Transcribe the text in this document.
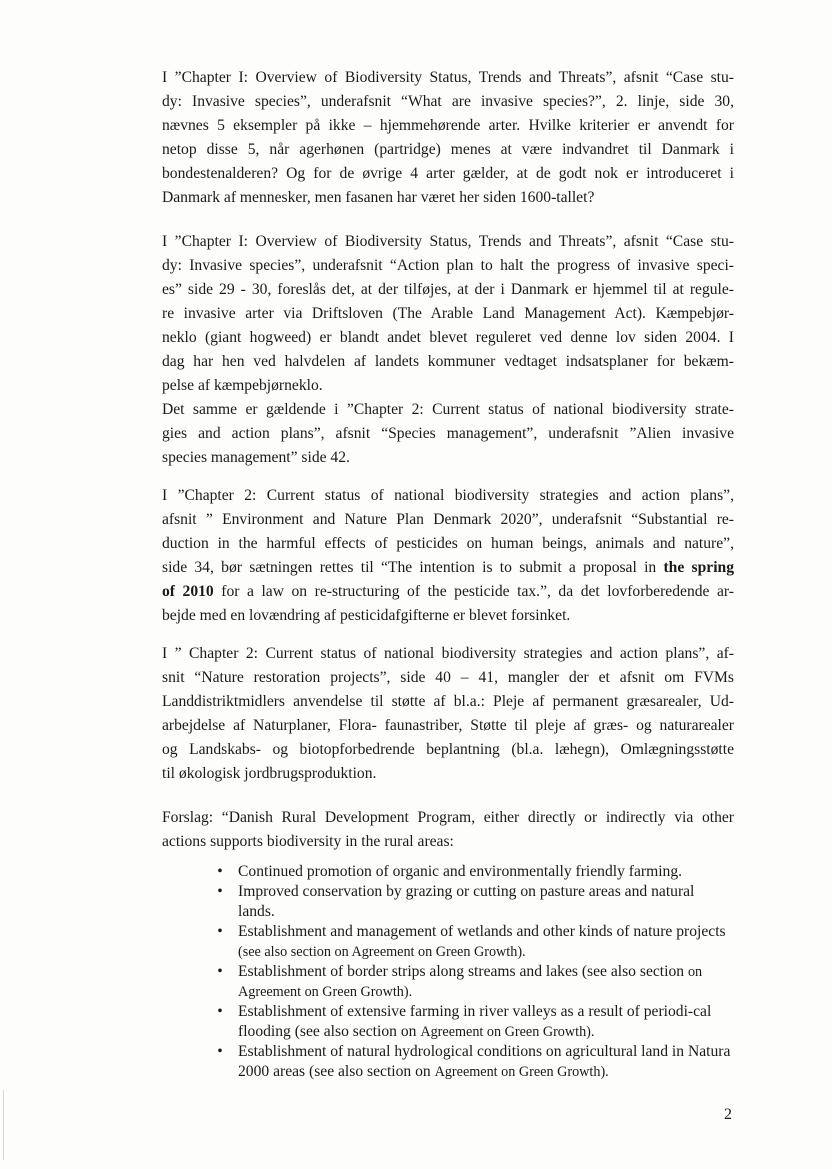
I ”Chapter I: Overview of Biodiversity Status, Trends and Threats”, afsnit “Case stu-
dy: Invasive species”, underafsnit “What are invasive species?”, 2. linje, side 30,
nævnes 5 eksempler på ikke – hjemmehørende arter. Hvilke kriterier er anvendt for
netop disse 5, når agerhønen (partridge) menes at være indvandret til Danmark i
bondestenalderen? Og for de øvrige 4 arter gælder, at de godt nok er introduceret i
Danmark af mennesker, men fasanen har været her siden 1600-tallet?
I ”Chapter I: Overview of Biodiversity Status, Trends and Threats”, afsnit “Case stu-
dy: Invasive species”, underafsnit “Action plan to halt the progress of invasive speci-
es” side 29 - 30, foreslås det, at der tilføjes, at der i Danmark er hjemmel til at regule-
re invasive arter via Driftsloven (The Arable Land Management Act). Kæmpebjør-
neklo (giant hogweed) er blandt andet blevet reguleret ved denne lov siden 2004. I
dag har hen ved halvdelen af landets kommuner vedtaget indsatsplaner for bekæm-
pelse af kæmpebjørneklo.
Det samme er gældende i ”Chapter 2: Current status of national biodiversity strate-
gies and action plans”, afsnit “Species management”, underafsnit ”Alien invasive
species management” side 42.
I ”Chapter 2: Current status of national biodiversity strategies and action plans”,
afsnit ” Environment and Nature Plan Denmark 2020”, underafsnit “Substantial re-
duction in the harmful effects of pesticides on human beings, animals and nature”,
side 34, bør sætningen rettes til “The intention is to submit a proposal in the spring
of 2010 for a law on re-structuring of the pesticide tax.”, da det lovforberedende ar-
bejde med en lovændring af pesticidafgifterne er blevet forsinket.
I ” Chapter 2: Current status of national biodiversity strategies and action plans”, af-
snit “Nature restoration projects”, side 40 – 41, mangler der et afsnit om FVMs
Landdistriktmidlers anvendelse til støtte af bl.a.: Pleje af permanent græsarealer, Ud-
arbejdelse af Naturplaner, Flora- faunastriber, Støtte til pleje af græs- og naturarealer
og Landskabs- og biotopforbedrende beplantning (bl.a. læhegn), Omlægningsstøtte
til økologisk jordbrugsproduktion.
Forslag: “Danish Rural Development Program, either directly or indirectly via other
actions supports biodiversity in the rural areas:
• Continued promotion of organic and environmentally friendly farming.
• Improved conservation by grazing or cutting on pasture areas and natural lands.
• Establishment and management of wetlands and other kinds of nature projects (see also section on Agreement on Green Growth).
• Establishment of border strips along streams and lakes (see also section on Agreement on Green Growth).
• Establishment of extensive farming in river valleys as a result of periodi-cal flooding (see also section on Agreement on Green Growth).
• Establishment of natural hydrological conditions on agricultural land in Natura 2000 areas (see also section on Agreement on Green Growth).
2
